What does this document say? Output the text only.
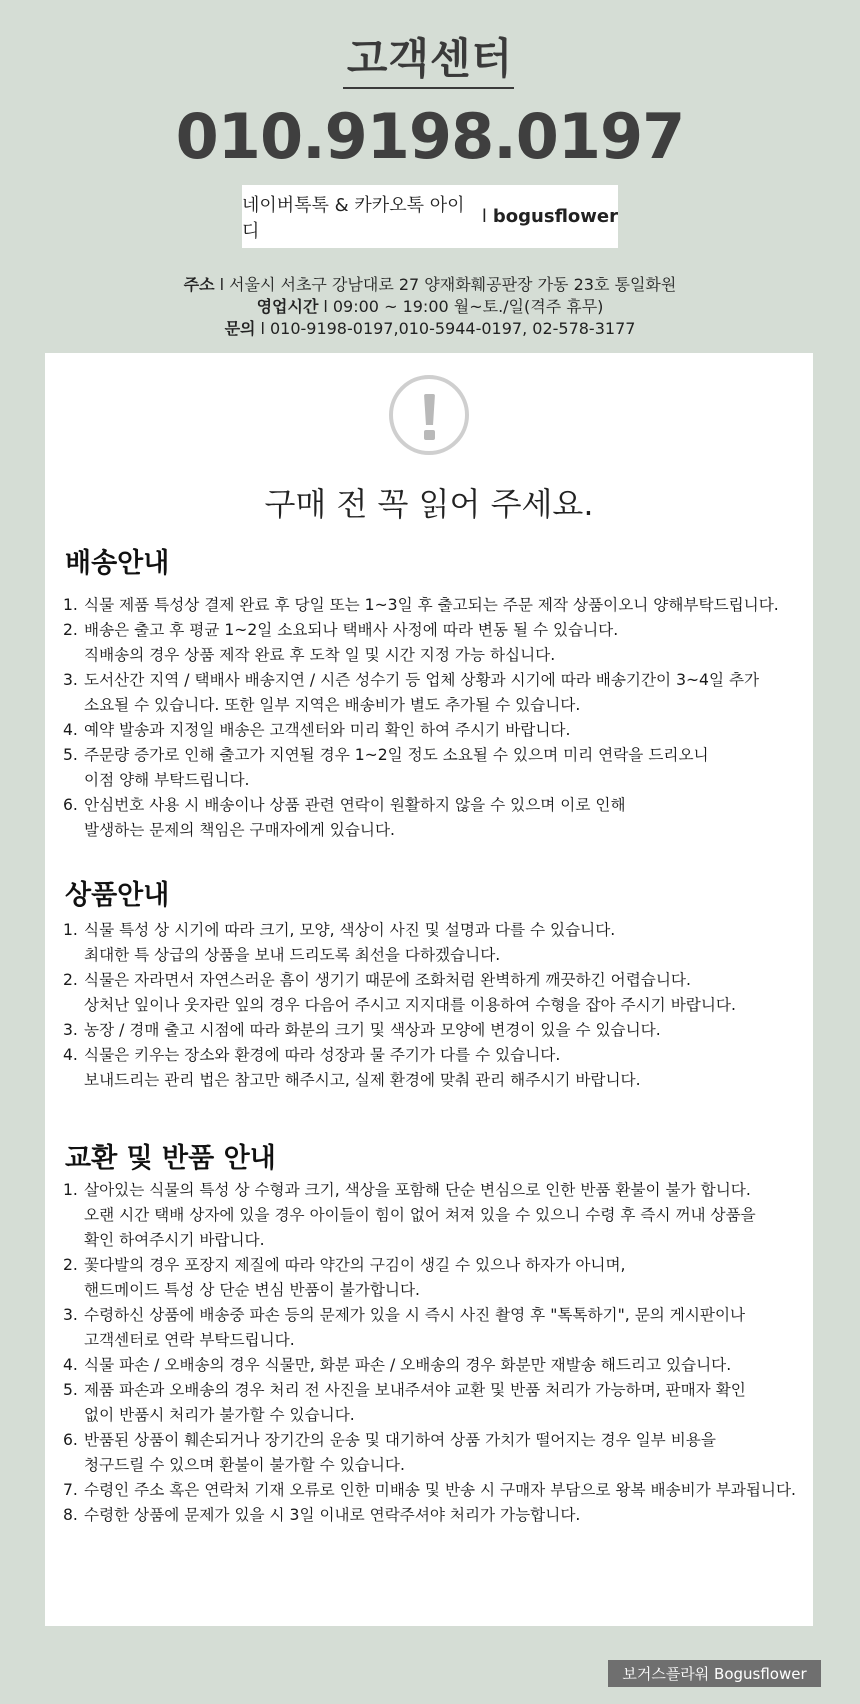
고객센터
010.9198.0197
네이버톡톡 & 카카오톡 아이디
l bogusflower
주소 l 서울시 서초구 강남대로 27 양재화훼공판장 가동 23호 통일화원
영업시간 l 09:00 ~ 19:00 월~토./일(격주 휴무)
문의 l 010-9198-0197,010-5944-0197, 02-578-3177
구매 전 꼭 읽어 주세요.
배송안내
1. 식물 제품 특성상 결제 완료 후 당일 또는 1~3일 후 출고되는 주문 제작 상품이오니 양해부탁드립니다.
2. 배송은 출고 후 평균 1~2일 소요되나 택배사 사정에 따라 변동 될 수 있습니다.
직배송의 경우 상품 제작 완료 후 도착 일 및 시간 지정 가능 하십니다.
3. 도서산간 지역 / 택배사 배송지연 / 시즌 성수기 등 업체 상황과 시기에 따라 배송기간이 3~4일 추가
소요될 수 있습니다. 또한 일부 지역은 배송비가 별도 추가될 수 있습니다.
4. 예약 발송과 지정일 배송은 고객센터와 미리 확인 하여 주시기 바랍니다.
5. 주문량 증가로 인해 출고가 지연될 경우 1~2일 정도 소요될 수 있으며 미리 연락을 드리오니
이점 양해 부탁드립니다.
6. 안심번호 사용 시 배송이나 상품 관련 연락이 원활하지 않을 수 있으며 이로 인해
발생하는 문제의 책임은 구매자에게 있습니다.
상품안내
1. 식물 특성 상 시기에 따라 크기, 모양, 색상이 사진 및 설명과 다를 수 있습니다.
최대한 특 상급의 상품을 보내 드리도록 최선을 다하겠습니다.
2. 식물은 자라면서 자연스러운 흠이 생기기 때문에 조화처럼 완벽하게 깨끗하긴 어렵습니다.
상처난 잎이나 웃자란 잎의 경우 다음어 주시고 지지대를 이용하여 수형을 잡아 주시기 바랍니다.
3. 농장 / 경매 출고 시점에 따라 화분의 크기 및 색상과 모양에 변경이 있을 수 있습니다.
4. 식물은 키우는 장소와 환경에 따라 성장과 물 주기가 다를 수 있습니다.
보내드리는 관리 법은 참고만 해주시고, 실제 환경에 맞춰 관리 해주시기 바랍니다.
교환 및 반품 안내
1. 살아있는 식물의 특성 상 수형과 크기, 색상을 포함해 단순 변심으로 인한 반품 환불이 불가 합니다.
오랜 시간 택배 상자에 있을 경우 아이들이 힘이 없어 쳐져 있을 수 있으니 수령 후 즉시 꺼내 상품을
확인 하여주시기 바랍니다.
2. 꽃다발의 경우 포장지 제질에 따라 약간의 구김이 생길 수 있으나 하자가 아니며,
핸드메이드 특성 상 단순 변심 반품이 불가합니다.
3. 수령하신 상품에 배송중 파손 등의 문제가 있을 시 즉시 사진 촬영 후 "톡톡하기", 문의 게시판이나
고객센터로 연락 부탁드립니다.
4. 식물 파손 / 오배송의 경우 식물만, 화분 파손 / 오배송의 경우 화분만 재발송 해드리고 있습니다.
5. 제품 파손과 오배송의 경우 처리 전 사진을 보내주셔야 교환 및 반품 처리가 가능하며, 판매자 확인
없이 반품시 처리가 불가할 수 있습니다.
6. 반품된 상품이 훼손되거나 장기간의 운송 및 대기하여 상품 가치가 떨어지는 경우 일부 비용을
청구드릴 수 있으며 환불이 불가할 수 있습니다.
7. 수령인 주소 혹은 연락처 기재 오류로 인한 미배송 및 반송 시 구매자 부담으로 왕복 배송비가 부과됩니다.
8. 수령한 상품에 문제가 있을 시 3일 이내로 연락주셔야 처리가 가능합니다.
보거스플라워 Bogusflower
